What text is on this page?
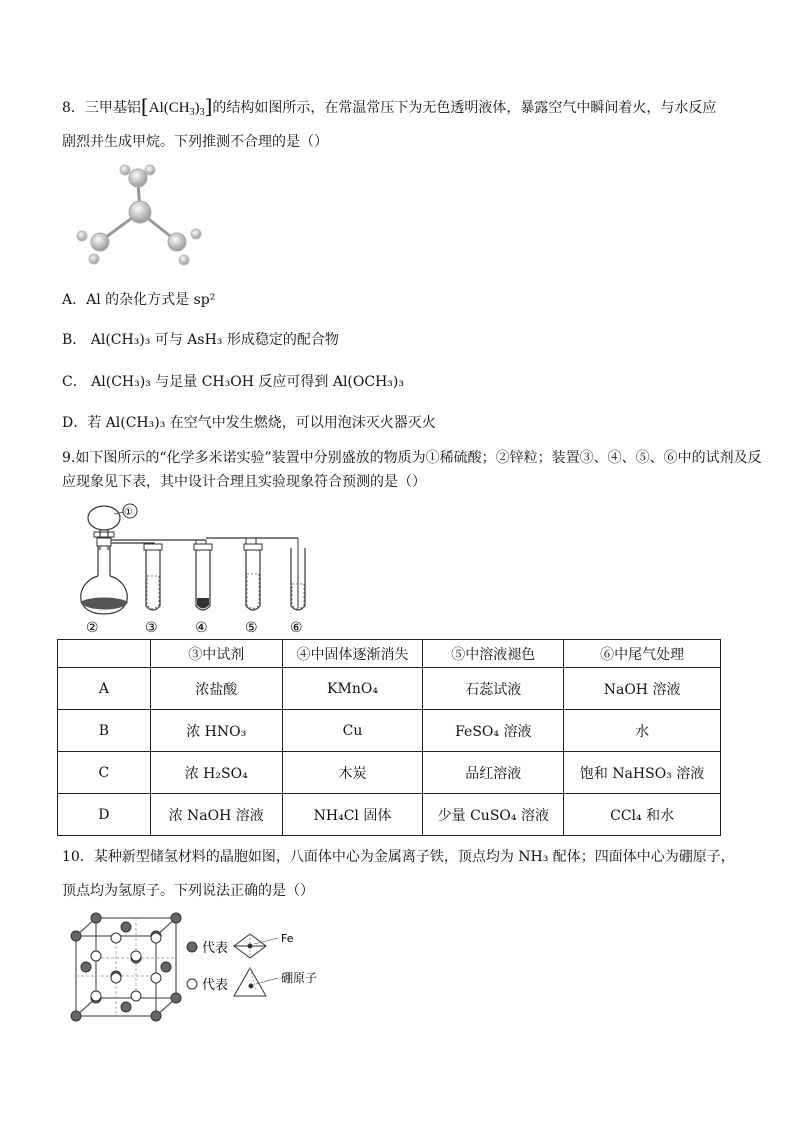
8．三甲基铝$[Al(CH_3)_3]$的结构如图所示，在常温常压下为无色透明液体，暴露空气中瞬间着火，与水反应
剧烈并生成甲烷。下列推测不合理的是（）
A．Al 的杂化方式是 sp²
B． Al(CH₃)₃ 可与 AsH₃ 形成稳定的配合物
C． Al(CH₃)₃ 与足量 CH₃OH 反应可得到 Al(OCH₃)₃
D．若 Al(CH₃)₃ 在空气中发生燃烧，可以用泡沫灭火器灭火
9.如下图所示的“化学多米诺实验”装置中分别盛放的物质为①稀硫酸；②锌粒；装置③、④、⑤、⑥中的试剂及反
应现象见下表，其中设计合理且实验现象符合预测的是（）
①
②	③	④	⑤ ⑥
	③中试剂	④中固体逐渐消失	⑤中溶液褪色	⑥中尾气处理
A	浓盐酸	KMnO₄	石蕊试液	NaOH 溶液
B	浓 HNO₃	Cu	FeSO₄ 溶液	水
C	浓 H₂SO₄	木炭	品红溶液	饱和 NaHSO₃ 溶液
D	浓 NaOH 溶液	NH₄Cl 固体	少量 CuSO₄ 溶液	CCl₄ 和水
10．某种新型储氢材料的晶胞如图，八面体中心为金属离子铁，顶点均为 NH₃ 配体；四面体中心为硼原子，
顶点均为氢原子。下列说法正确的是（）
代表
Fe
代表	硼原子
